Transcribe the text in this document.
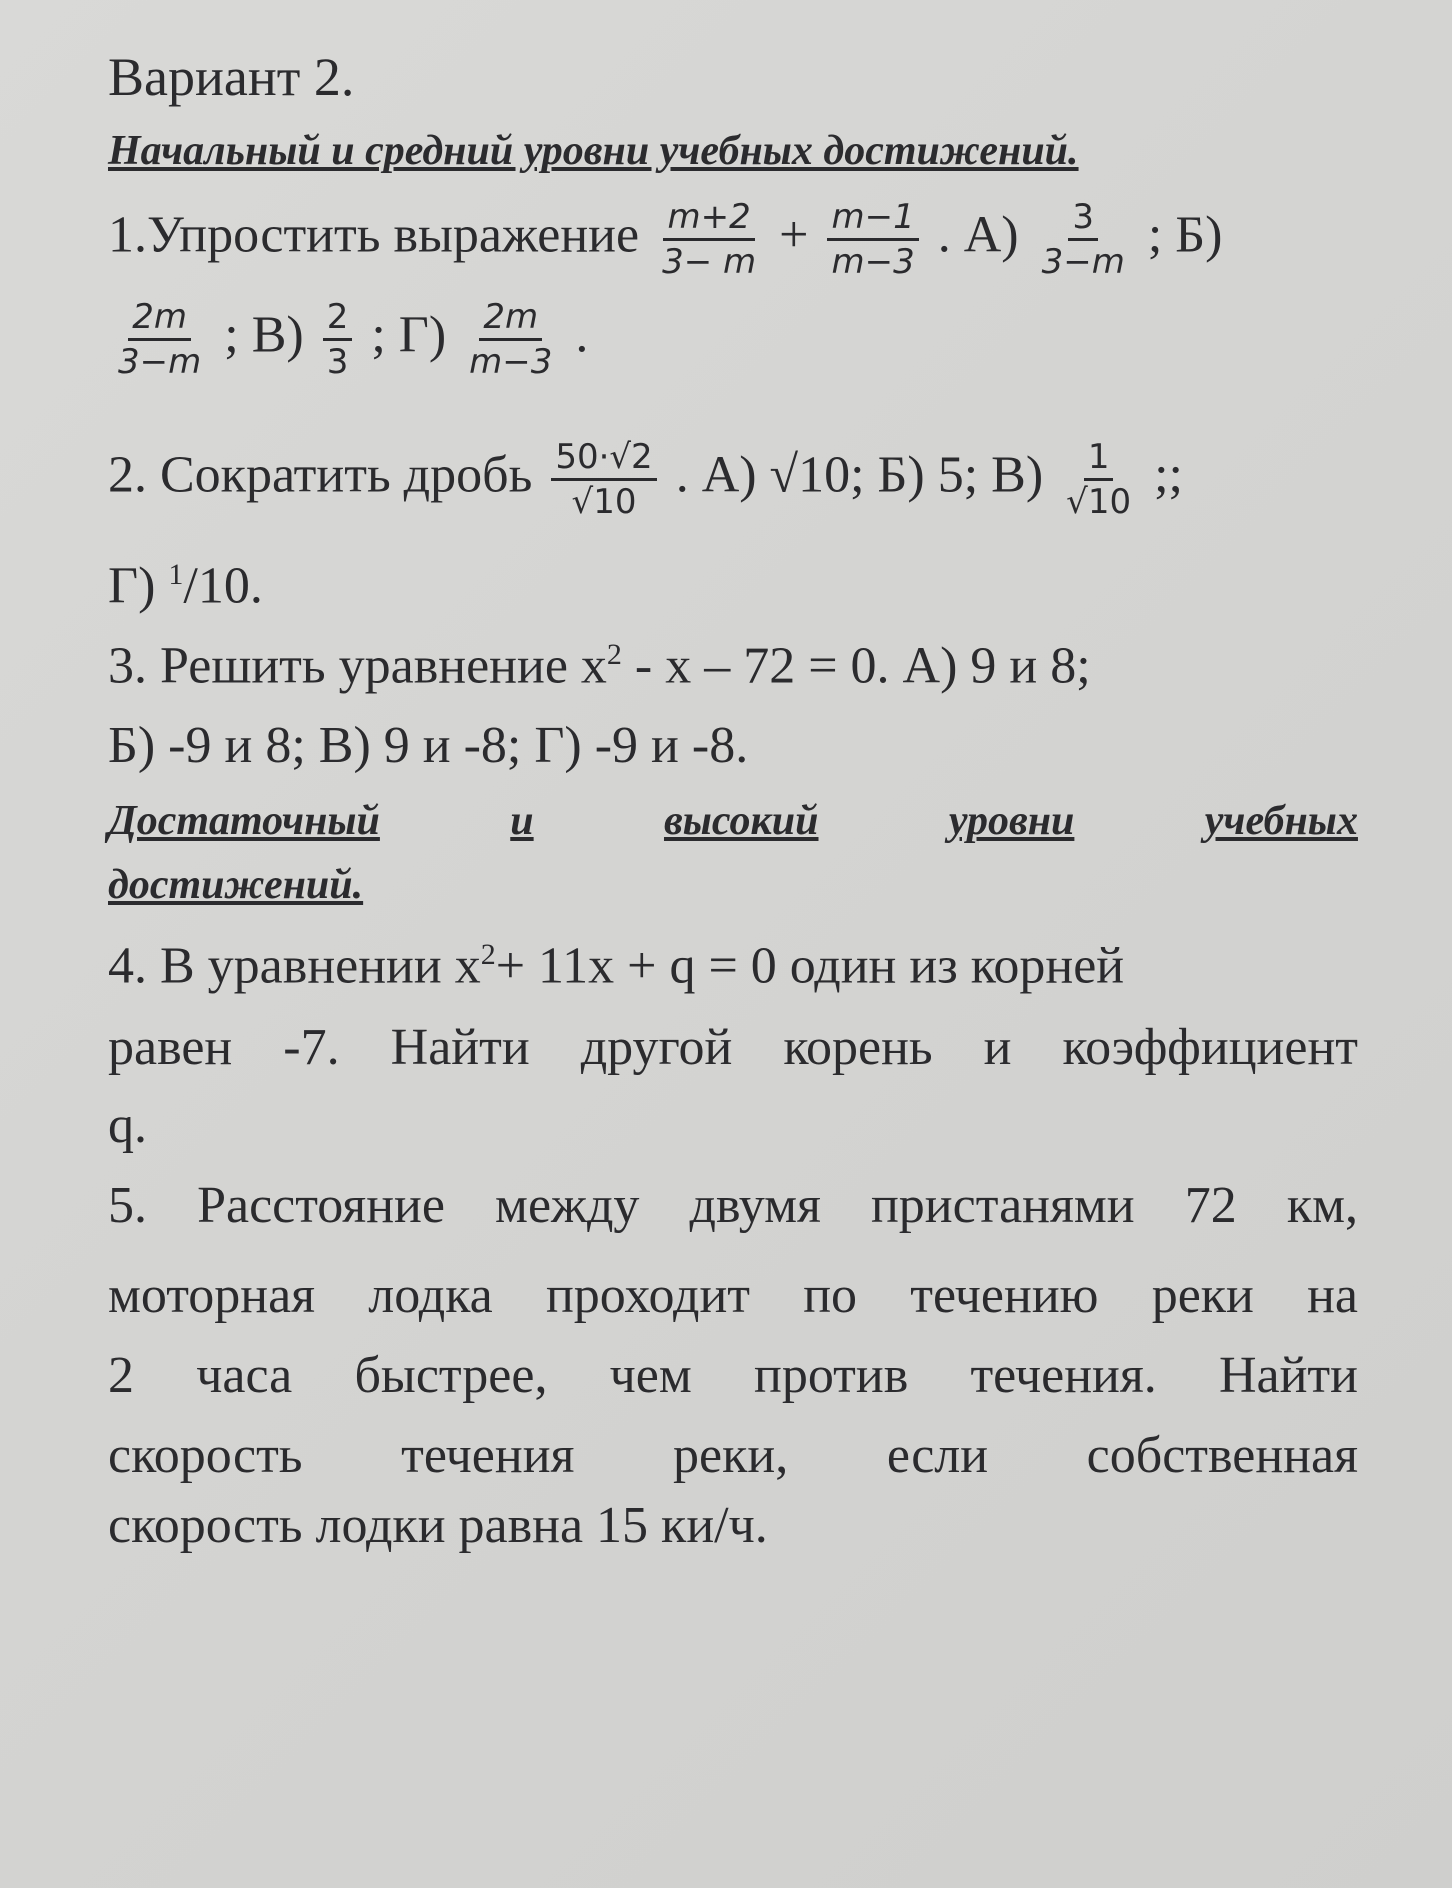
Вариант 2.
Начальный и средний уровни учебных достижений.
1.Упростить выражение $\frac{m+2}{3- m} + \frac{m-1}{m-3}$ . $А) \frac{3}{3-m}$ ; Б)
$\frac{2m}{3-m}$ ; $В) \frac{2}{3}$ ; $Г) \frac{2m}{m-3}$ .
2. Сократить дробь $\frac{50\cdot√2}{√10}$ . А) √10; Б) 5; $В) \frac{1}{√10}$ ;;
Г) $^1$/10.
3. Решить уравнение $х^2 - х - 72 = 0$. А) 9 и 8;
Б) -9 и 8; В) 9 и -8; Г) -9 и -8.
Достаточный	и	высокий	уровни	учебных
достижений.
4. В уравнении $х^2+ 11х + q = 0$ один из корней
равен -7. Найти другой корень и коэффициент
q.
5. Расстояние между двумя пристанями 72 км,
моторная лодка проходит по течению реки на
2 часа быстрее, чем против течения. Найти
скорость течения реки, если собственная
скорость лодки равна 15 ки/ч.
